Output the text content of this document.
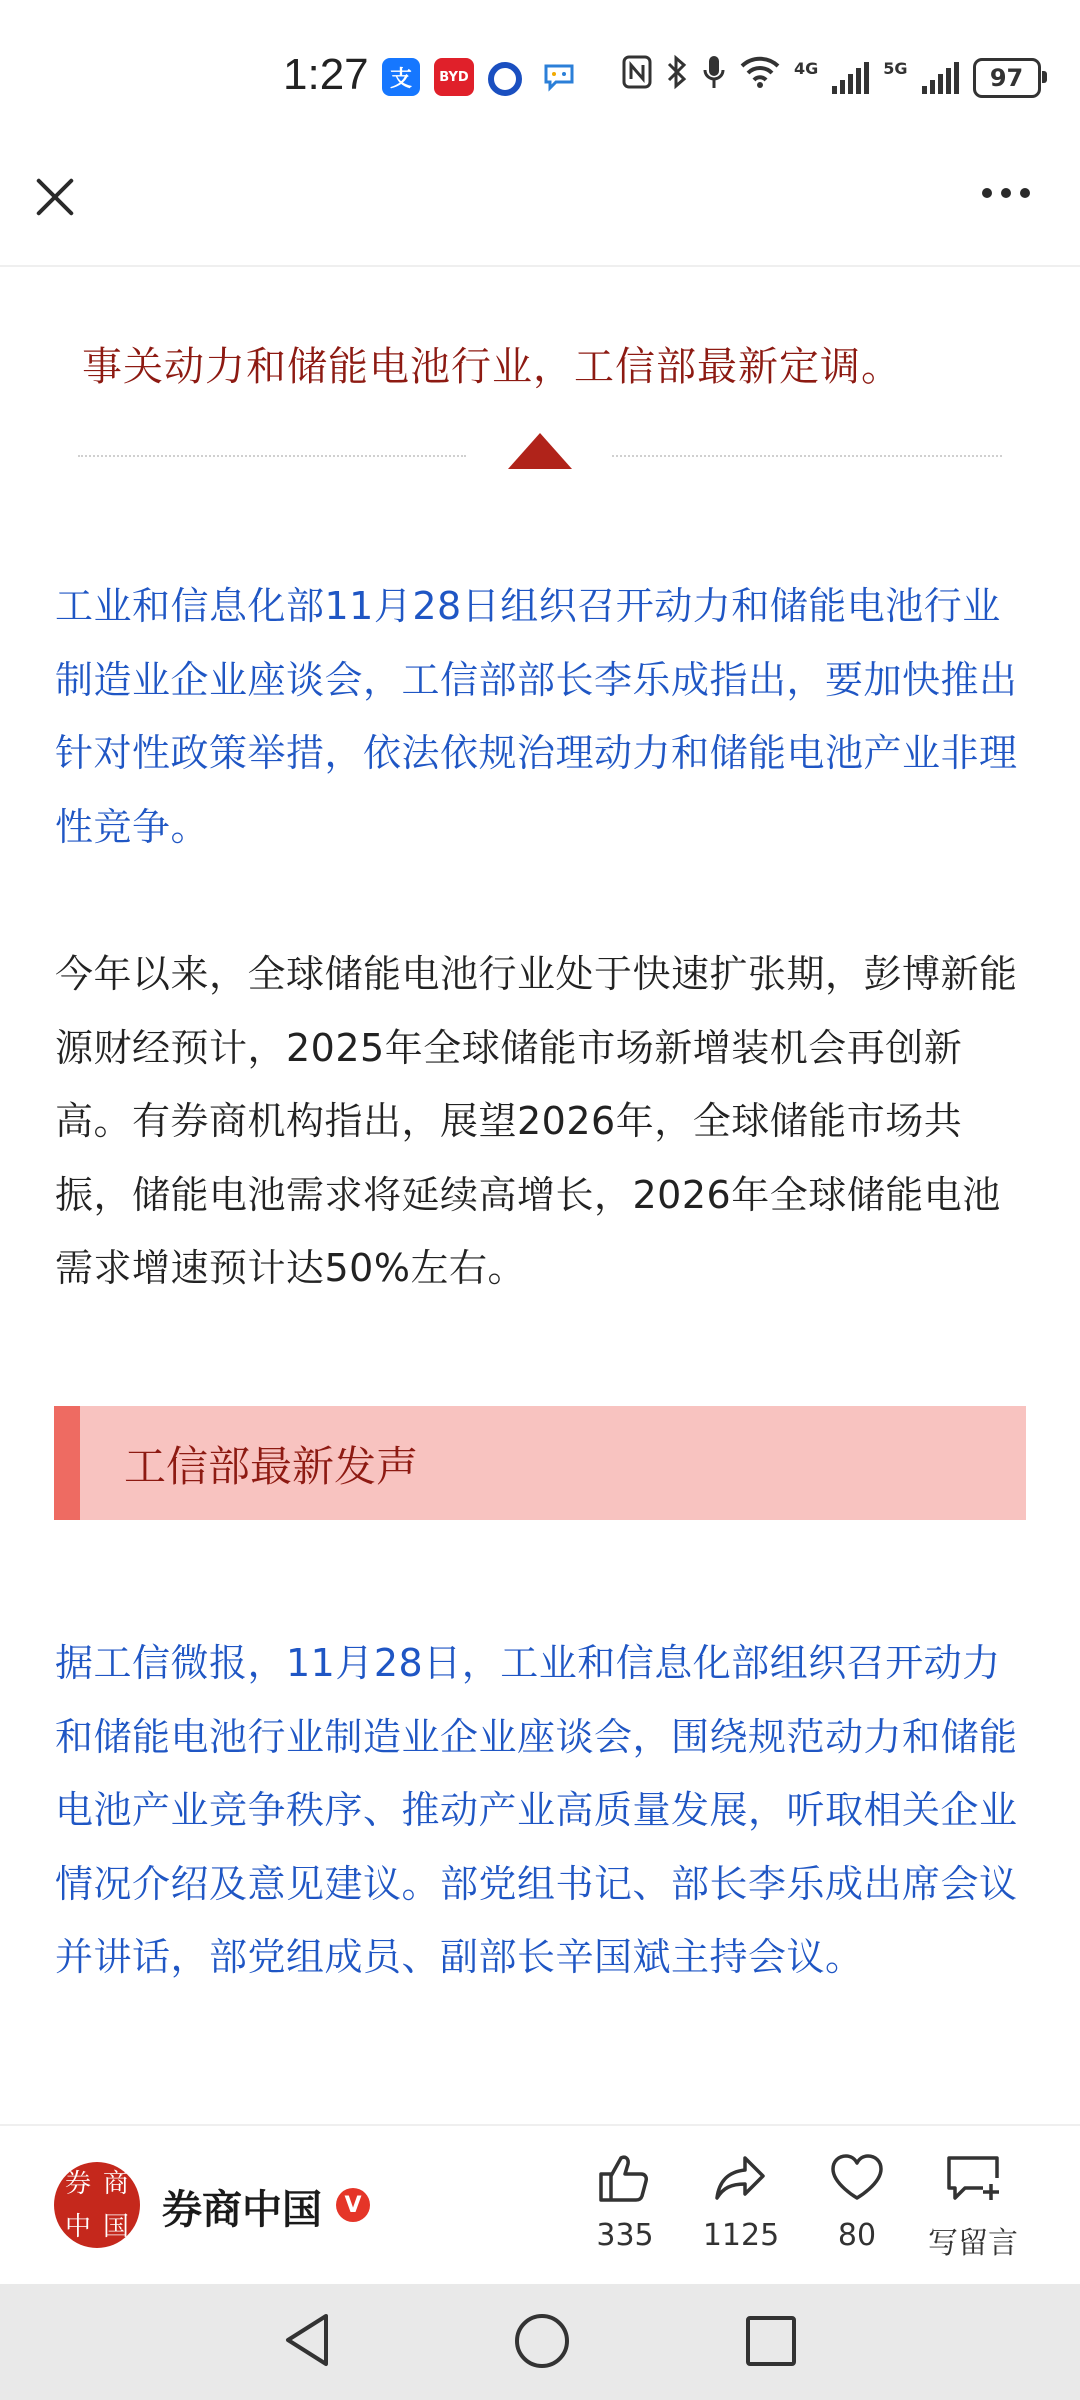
1:27 支	BYD	4G	5G	97
事关动力和储能电池行业，工信部最新定调。
工业和信息化部11月28日组织召开动力和储能电池行业制造业企业座谈会，工信部部长李乐成指出，要加快推出针对性政策举措，依法依规治理动力和储能电池产业非理性竞争。
今年以来，全球储能电池行业处于快速扩张期，彭博新能源财经预计，2025年全球储能市场新增装机会再创新高。有券商机构指出，展望2026年，全球储能市场共振，储能电池需求将延续高增长，2026年全球储能电池需求增速预计达50%左右。
工信部最新发声
据工信微报，11月28日，工业和信息化部组织召开动力和储能电池行业制造业企业座谈会，围绕规范动力和储能电池产业竞争秩序、推动产业高质量发展，听取相关企业情况介绍及意见建议。部党组书记、部长李乐成出席会议并讲话，部党组成员、副部长辛国斌主持会议。
券 商
中 国 券商中国	V
335	1125	80	写留言
